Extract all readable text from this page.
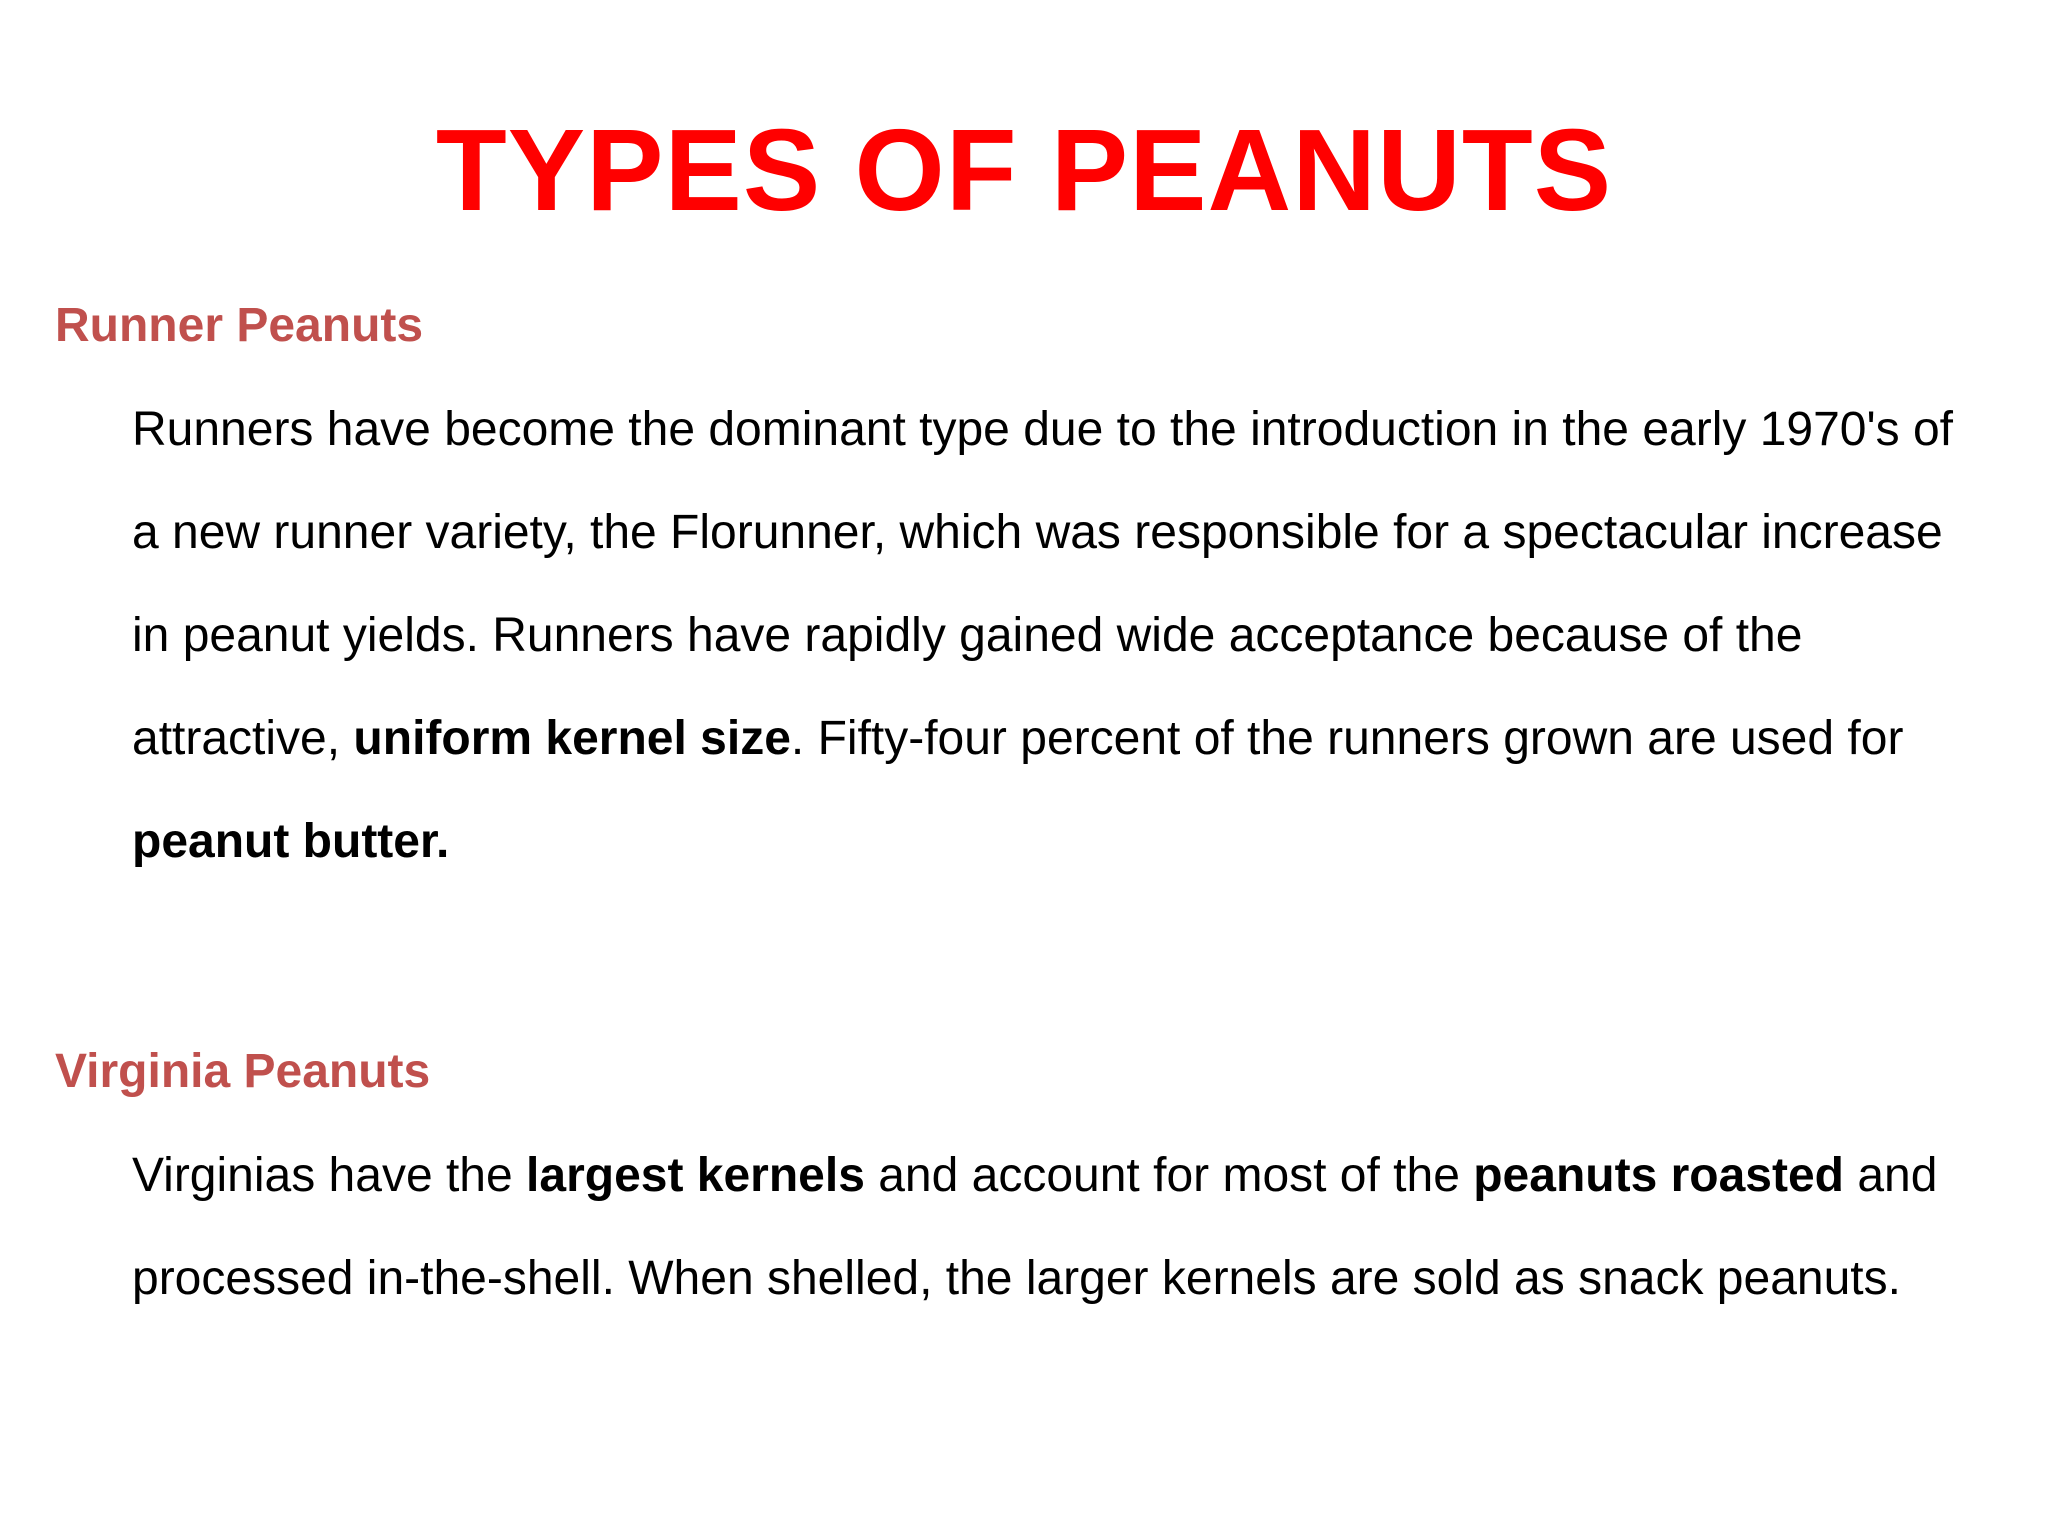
TYPES OF PEANUTS
Runner Peanuts
Runners have become the dominant type due to the introduction in the early 1970's of a new runner variety, the Florunner, which was responsible for a spectacular increase in peanut yields. Runners have rapidly gained wide acceptance because of the attractive, uniform kernel size. Fifty-four percent of the runners grown are used for peanut butter.
Virginia Peanuts
Virginias have the largest kernels and account for most of the peanuts roasted and processed in-the-shell. When shelled, the larger kernels are sold as snack peanuts.
